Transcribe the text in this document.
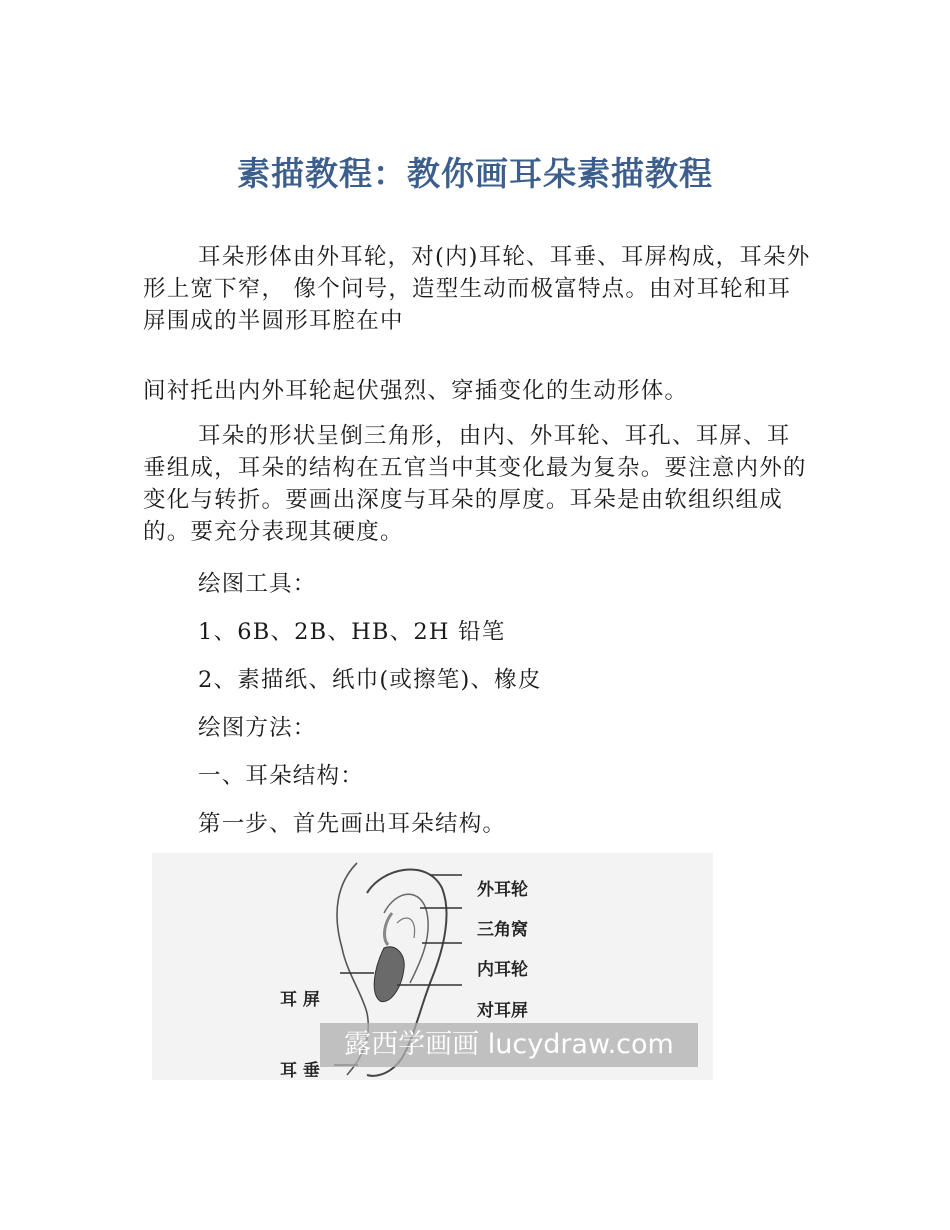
素描教程：教你画耳朵素描教程
耳朵形体由外耳轮，对(内)耳轮、耳垂、耳屏构成，耳朵外形上宽下窄， 像个问号，造型生动而极富特点。由对耳轮和耳屏围成的半圆形耳腔在中
间衬托出内外耳轮起伏强烈、穿插变化的生动形体。
耳朵的形状呈倒三角形，由内、外耳轮、耳孔、耳屏、耳垂组成，耳朵的结构在五官当中其变化最为复杂。要注意内外的变化与转折。要画出深度与耳朵的厚度。耳朵是由软组织组成的。要充分表现其硬度。
绘图工具：
1、6B、2B、HB、2H 铅笔
2、素描纸、纸巾(或擦笔)、橡皮
绘图方法：
一、耳朵结构：
第一步、首先画出耳朵结构。
外耳轮
三角窝
内耳轮
对耳屏
耳 屏
耳 垂
露西学画画 lucydraw.com
